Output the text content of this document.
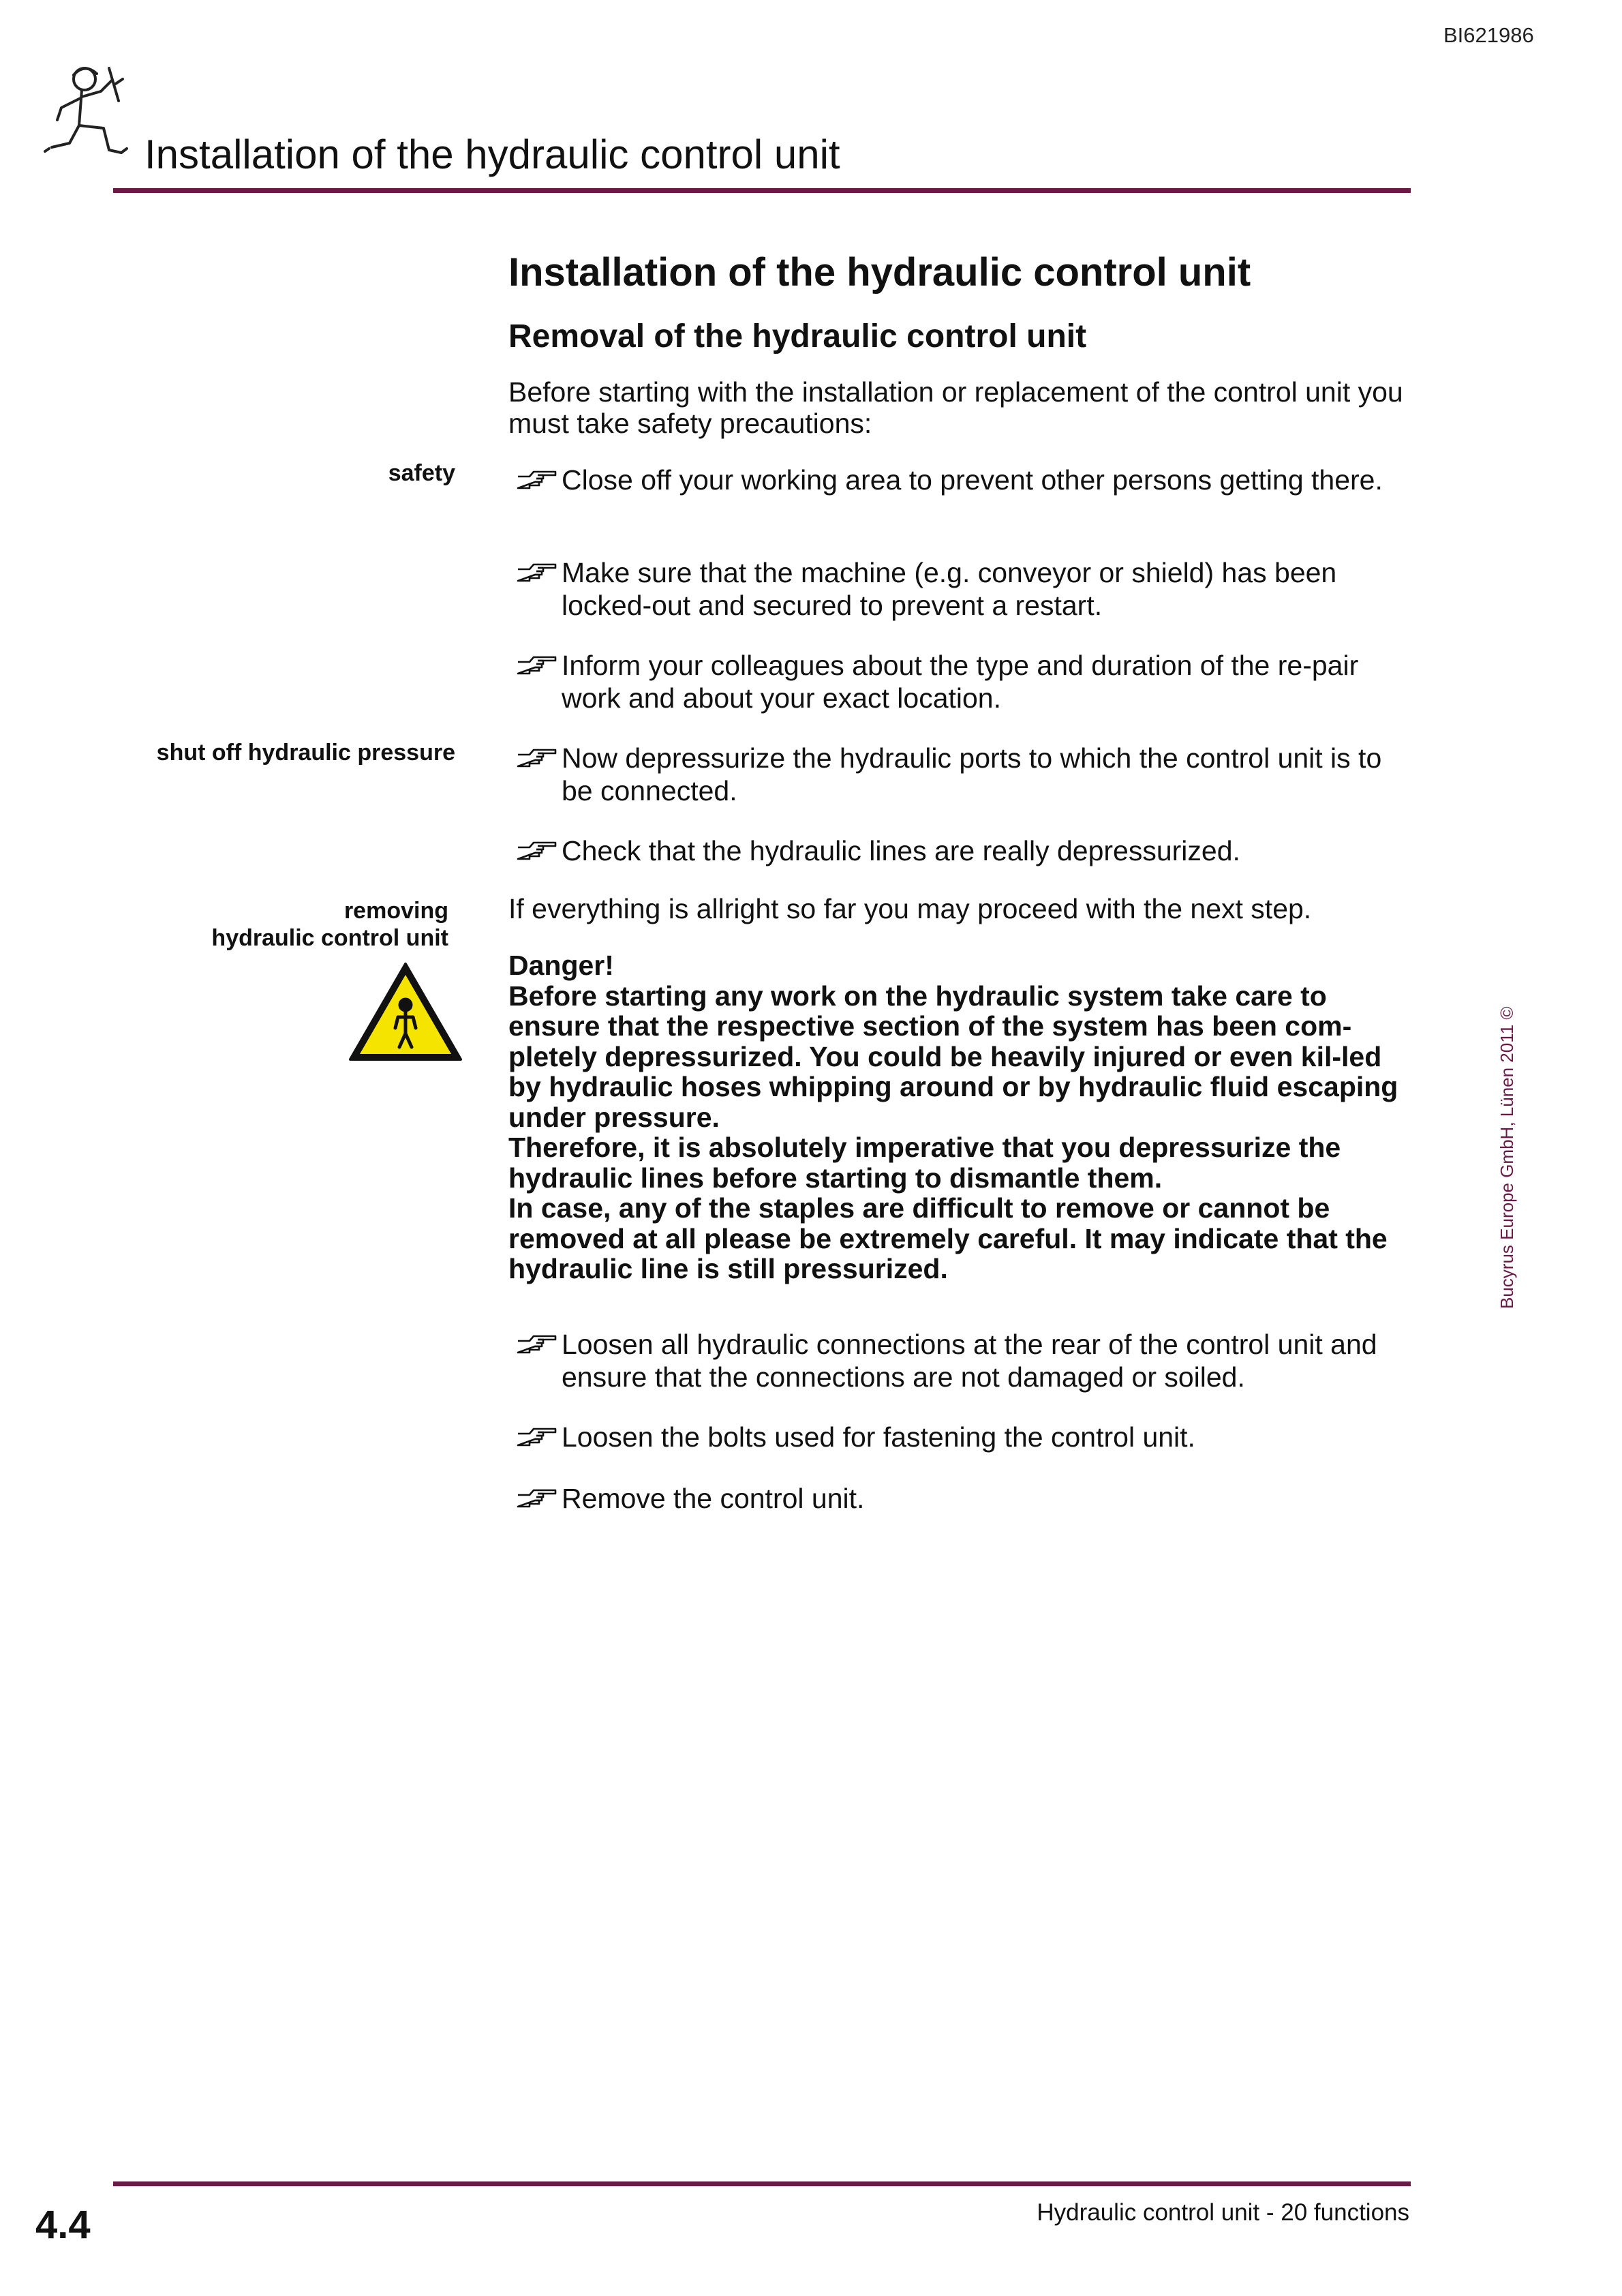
BI621986
Installation of the hydraulic control unit
Installation of the hydraulic control unit
Removal of the hydraulic control unit
Before starting with the installation or replacement of the control unit you must take safety precautions:
safety
shut off hydraulic pressure
removing
hydraulic control unit
Close off your working area to prevent other persons getting there.
Make sure that the machine (e.g. conveyor or shield) has been locked-out and secured to prevent a restart.
Inform your colleagues about the type and duration of the re-pair work and about your exact location.
Now depressurize the hydraulic ports to which the control unit is to be connected.
Check that the hydraulic lines are really depressurized.
If everything is allright so far you may proceed with the next step.

Danger!

Before starting any work on the hydraulic system take care to ensure that the respective section of the system has been com-pletely depressurized. You could be heavily injured or even kil-led by hydraulic hoses whipping around or by hydraulic fluid escaping under pressure.

Therefore, it is absolutely imperative that you depressurize the hydraulic lines before starting to dismantle them.

In case, any of the staples are difficult to remove or cannot be removed at all please be extremely careful. It may indicate that the hydraulic line is still pressurized.

Loosen all hydraulic connections at the rear of the control unit and ensure that the connections are not damaged or soiled.
Loosen the bolts used for fastening the control unit.
Remove the control unit.
Bucyrus Europe GmbH, Lünen 2011 ©
4.4	Hydraulic control unit - 20 functions
